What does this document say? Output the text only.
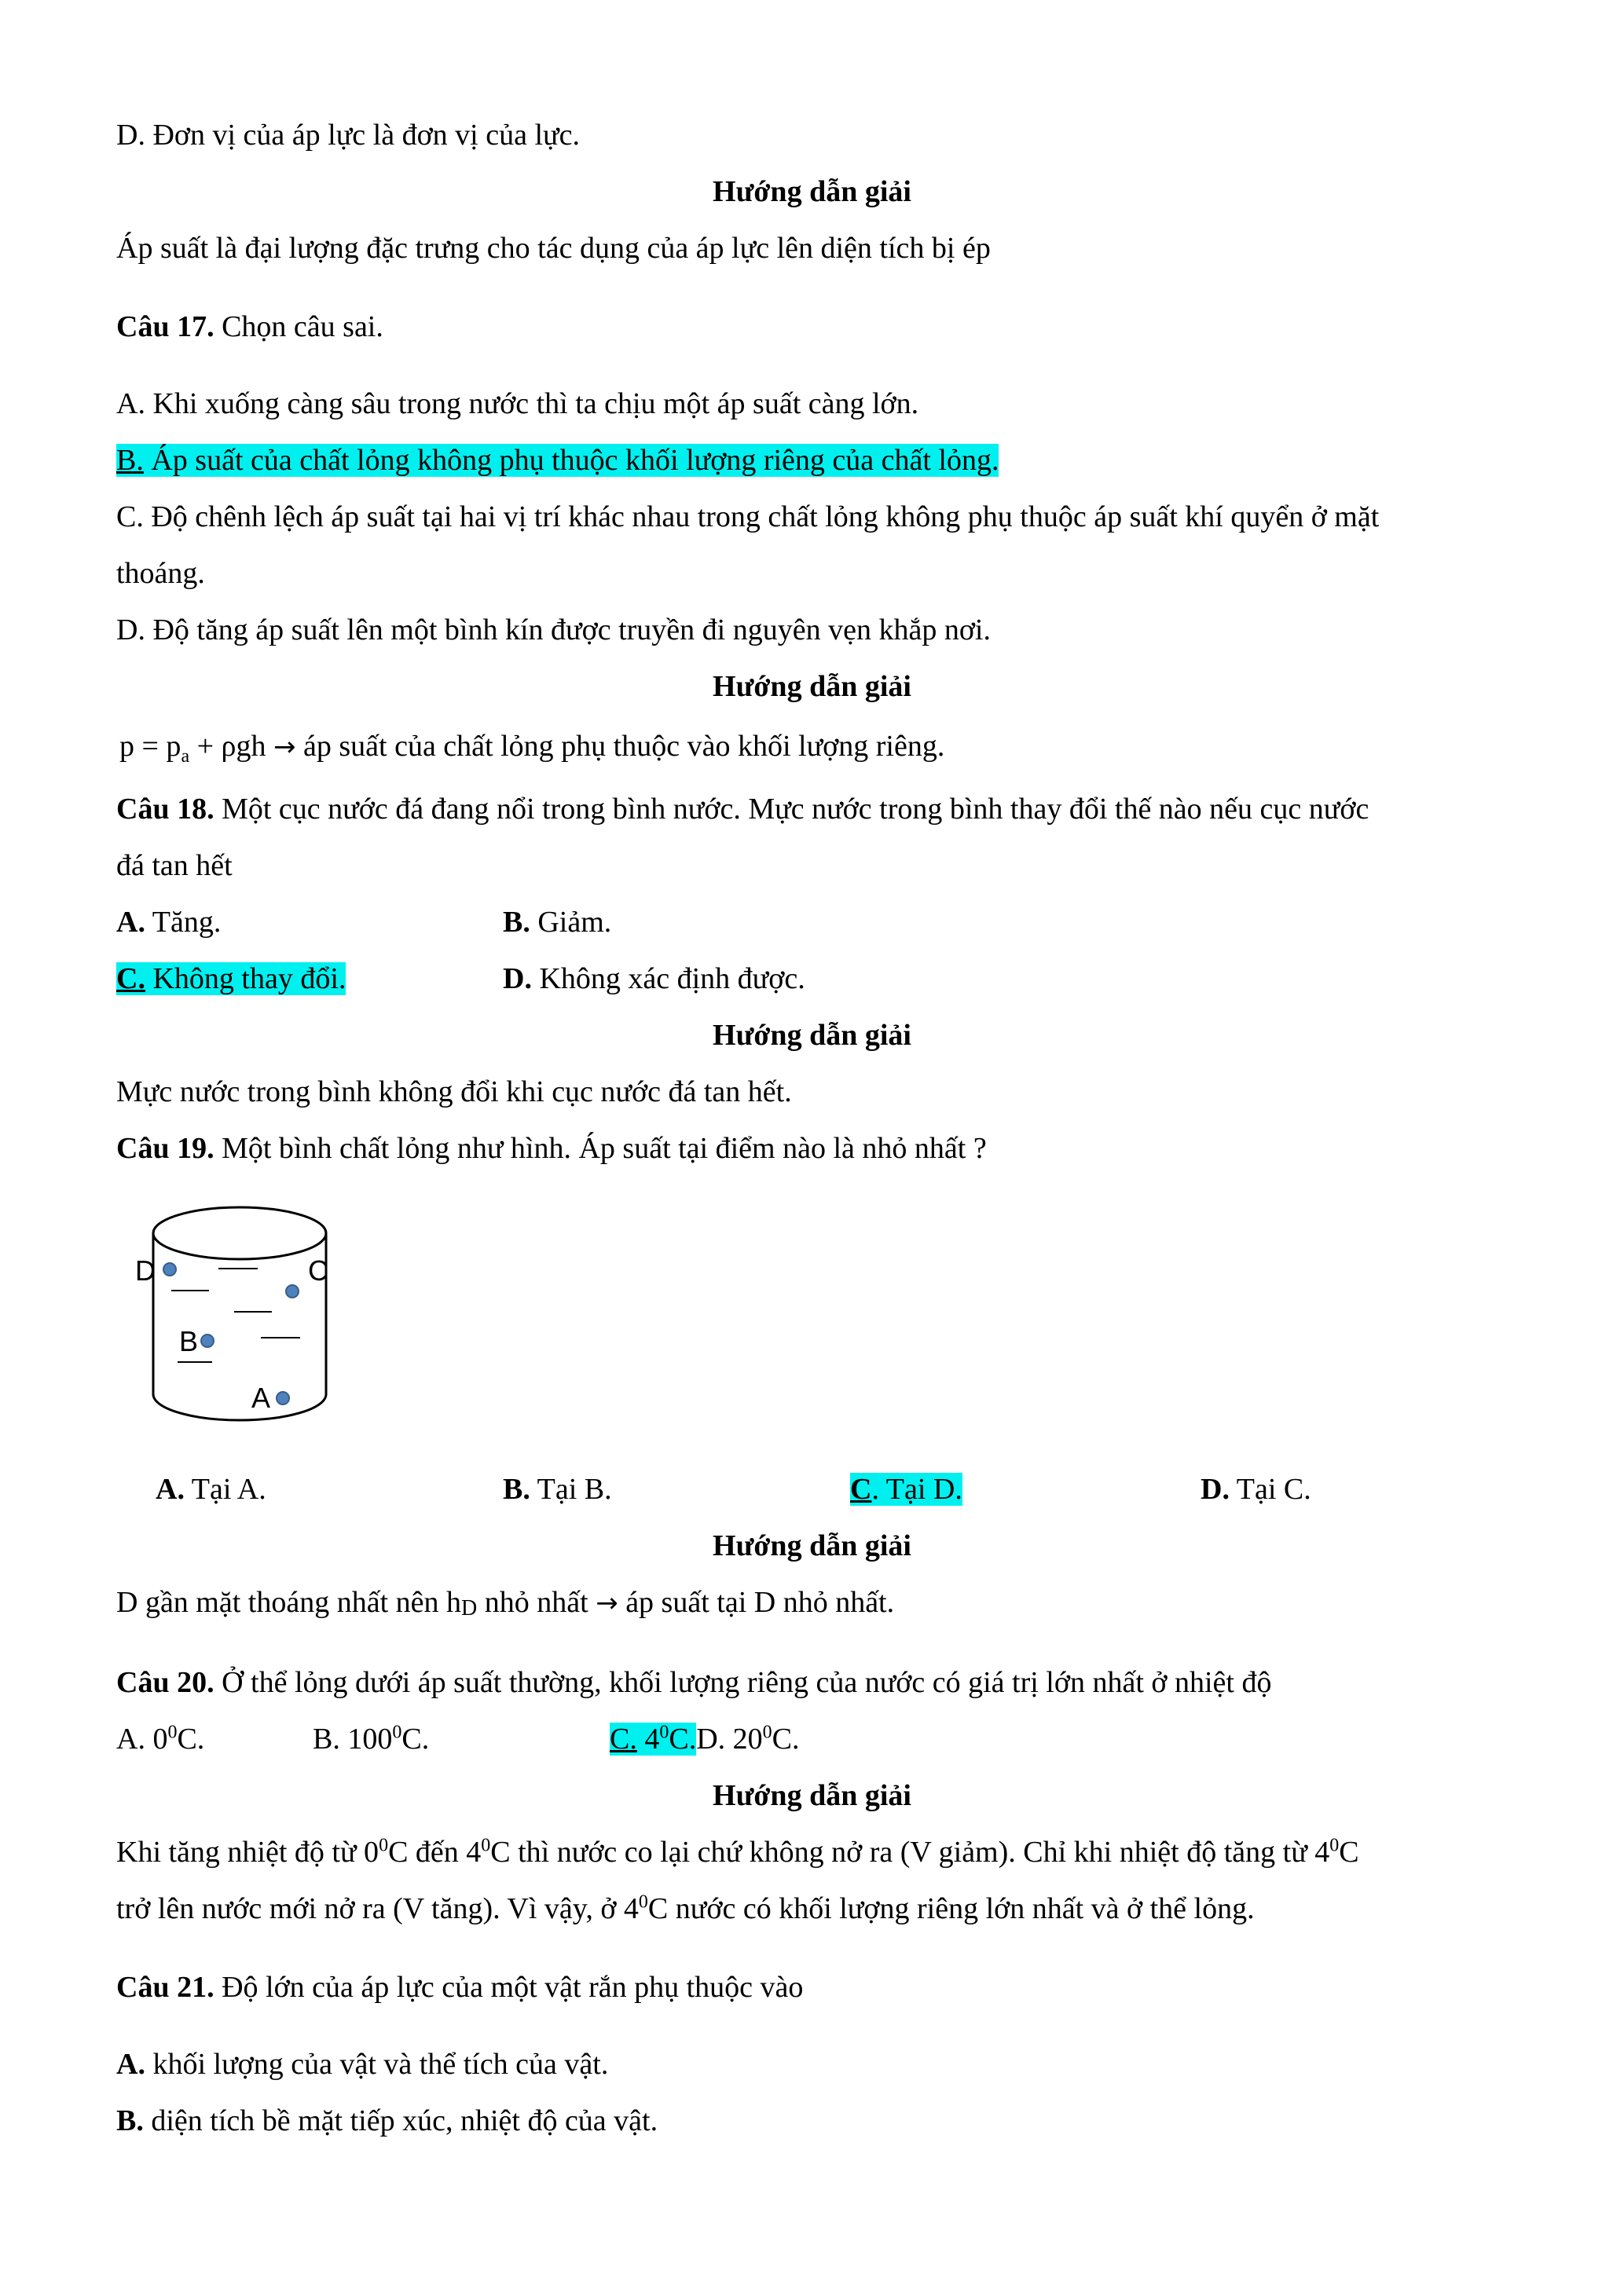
D. Đơn vị của áp lực là đơn vị của lực.
Hướng dẫn giải
Áp suất là đại lượng đặc trưng cho tác dụng của áp lực lên diện tích bị ép
Câu 17. Chọn câu sai.
A. Khi xuống càng sâu trong nước thì ta chịu một áp suất càng lớn.
B. Áp suất của chất lỏng không phụ thuộc khối lượng riêng của chất lỏng.
C. Độ chênh lệch áp suất tại hai vị trí khác nhau trong chất lỏng không phụ thuộc áp suất khí quyển ở mặt
thoáng.
D. Độ tăng áp suất lên một bình kín được truyền đi nguyên vẹn khắp nơi.
Hướng dẫn giải
$p = p_a + \rho gh$ → áp suất của chất lỏng phụ thuộc vào khối lượng riêng.
Câu 18. Một cục nước đá đang nổi trong bình nước. Mực nước trong bình thay đổi thế nào nếu cục nước
đá tan hết
A. Tăng.	B. Giảm.
C. Không thay đổi.	D. Không xác định được.
Hướng dẫn giải
Mực nước trong bình không đổi khi cục nước đá tan hết.
Câu 19. Một bình chất lỏng như hình. Áp suất tại điểm nào là nhỏ nhất ?
D	C
B
A
A. Tại A.	B. Tại B.	C. Tại D.	D. Tại C.
Hướng dẫn giải
D gần mặt thoáng nhất nên hD nhỏ nhất → áp suất tại D nhỏ nhất.
Câu 20. Ở thể lỏng dưới áp suất thường, khối lượng riêng của nước có giá trị lớn nhất ở nhiệt độ
A. $0^0C$.	B. $100^0C$.	C. $4^0C.D$. $20^0C$.
Hướng dẫn giải
Khi tăng nhiệt độ từ $0^0C$ đến $4^0C$ thì nước co lại chứ không nở ra (V giảm). Chỉ khi nhiệt độ tăng từ $4^0C$
trở lên nước mới nở ra (V tăng). Vì vậy, ở $4^0C$ nước có khối lượng riêng lớn nhất và ở thể lỏng.
Câu 21. Độ lớn của áp lực của một vật rắn phụ thuộc vào
A. khối lượng của vật và thể tích của vật.
B. diện tích bề mặt tiếp xúc, nhiệt độ của vật.
